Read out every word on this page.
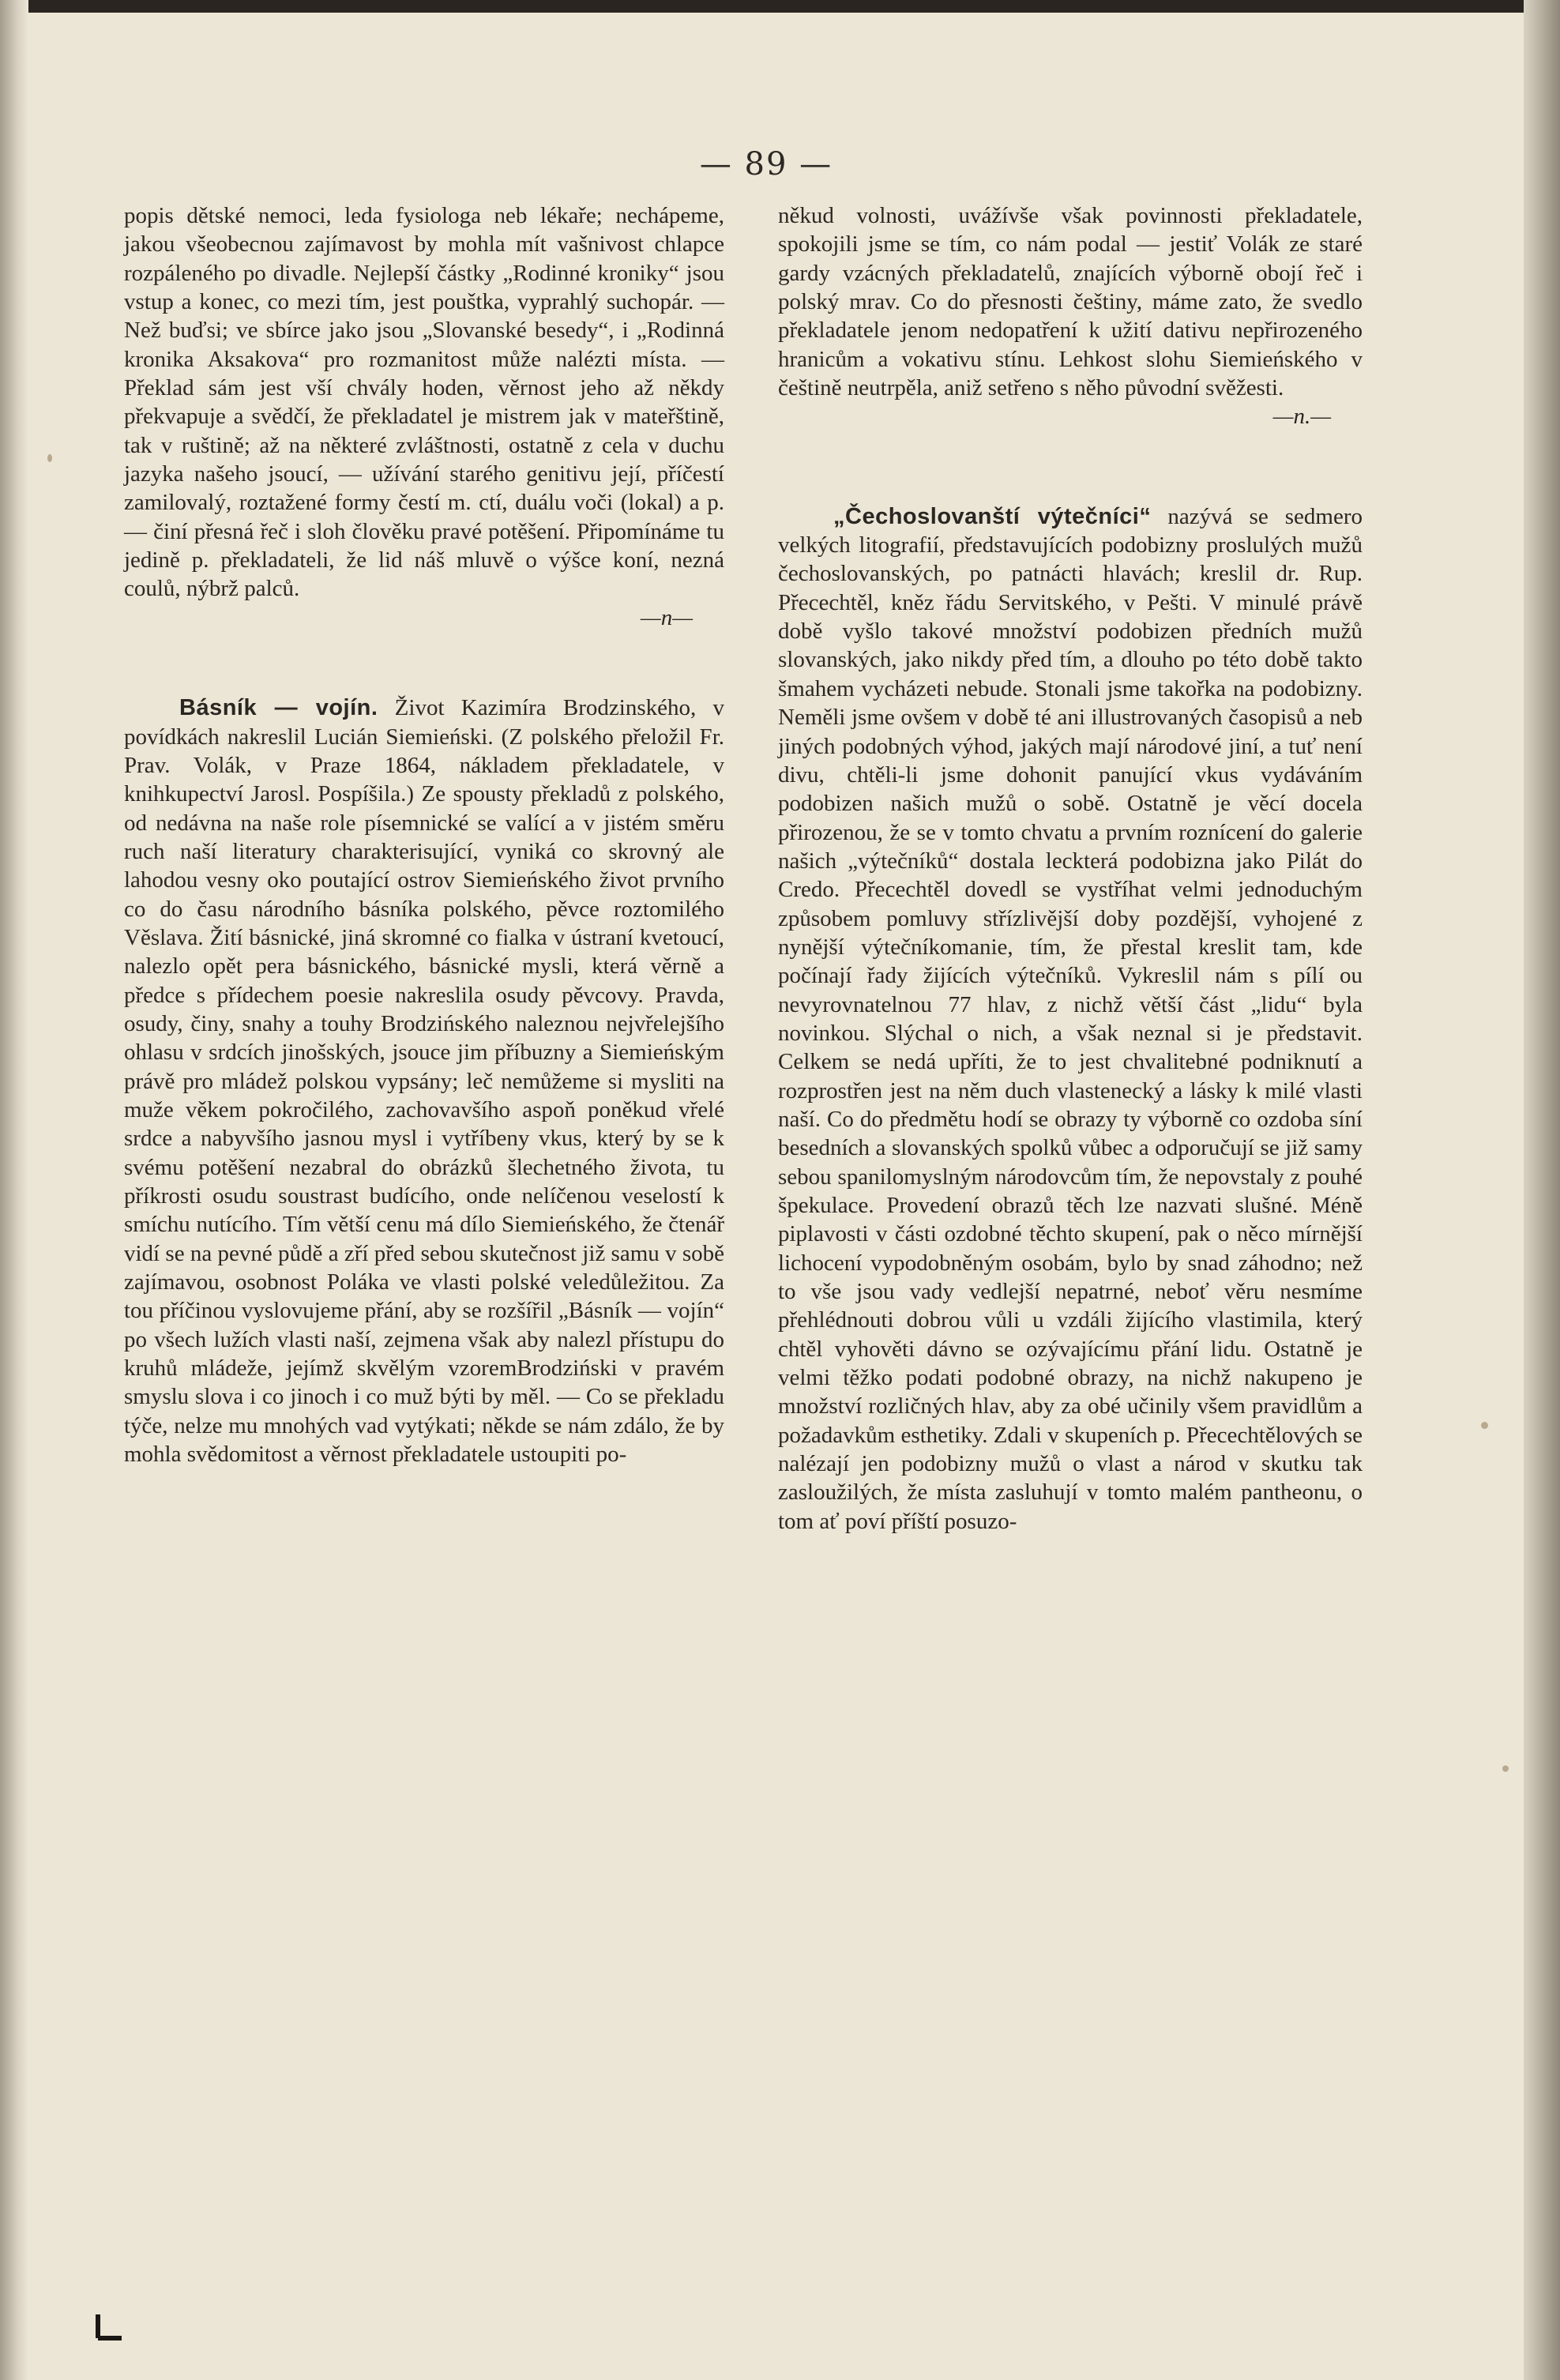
— 89 —

popis dětské nemoci, leda fysiologa neb lékaře; nechápeme, jakou všeobecnou zajímavost by mohla mít vašnivost chlapce rozpáleného po divadle. Nejlepší částky „Rodinné kroniky“ jsou vstup a konec, co mezi tím, jest pouštka, vyprahlý suchopár. — Než buďsi; ve sbírce jako jsou „Slovanské besedy“, i „Rodinná kronika Aksakova“ pro rozmanitost může nalézti místa. — Překlad sám jest vší chvály hoden, věrnost jeho až někdy překvapuje a svědčí, že překladatel je mistrem jak v mateřštině, tak v ruštině; až na některé zvláštnosti, ostatně z cela v duchu jazyka našeho jsoucí, — užívání starého genitivu její, příčestí zamilovalý, roztažené formy čestí m. ctí, duálu voči (lokal) a p. — činí přesná řeč i sloh člověku pravé potěšení. Připomínáme tu jedině p. překladateli, že lid náš mluvě o výšce koní, nezná coulů, nýbrž palců.

—n—

Básník — vojín. Život Kazimíra Brodzinského, v povídkách nakreslil Lucián Siemieński. (Z polského přeložil Fr. Prav. Volák, v Praze 1864, nákladem překladatele, v knihkupectví Jarosl. Pospíšila.) Ze spousty překladů z polského, od nedávna na naše role písemnické se valící a v jistém směru ruch naší literatury charakterisující, vyniká co skrovný ale lahodou vesny oko poutající ostrov Siemieńského život prvního co do času národního básníka polského, pěvce roztomilého Věslava. Žití básnické, jiná skromné co fialka v ústraní kvetoucí, nalezlo opět pera básnického, básnické mysli, která věrně a předce s přídechem poesie nakreslila osudy pěvcovy. Pravda, osudy, činy, snahy a touhy Brodzińského naleznou nejvřelejšího ohlasu v srdcích jinošských, jsouce jim příbuzny a Siemieńským právě pro mládež polskou vypsány; leč nemůžeme si mysliti na muže věkem pokročilého, zachovavšího aspoň poněkud vřelé srdce a nabyvšího jasnou mysl i vytříbeny vkus, který by se k svému potěšení nezabral do obrázků šlechetného života, tu příkrosti osudu soustrast budícího, onde nelíčenou veselostí k smíchu nutícího. Tím větší cenu má dílo Siemieńského, že čtenář vidí se na pevné půdě a zří před sebou skutečnost již samu v sobě zajímavou, osobnost Poláka ve vlasti polské veledůležitou. Za tou příčinou vyslovujeme přání, aby se rozšířil „Básník — vojín“ po všech lužích vlasti naší, zejmena však aby nalezl přístupu do kruhů mládeže, jejímž skvělým vzoremBrodziński v pravém smyslu slova i co jinoch i co muž býti by měl. — Co se překladu týče, nelze mu mnohých vad vytýkati; někde se nám zdálo, že by mohla svědomitost a věrnost překladatele ustoupiti po-

někud volnosti, uvážívše však povinnosti překladatele, spokojili jsme se tím, co nám podal — jestiť Volák ze staré gardy vzácných překladatelů, znajících výborně obojí řeč i polský mrav. Co do přesnosti češtiny, máme zato, že svedlo překladatele jenom nedopatření k užití dativu nepřirozeného hranicům a vokativu stínu. Lehkost slohu Siemieńského v češtině neutrpěla, aniž setřeno s něho původní svěžesti.

—n.—

„Čechoslovanští výtečníci“ nazývá se sedmero velkých litografií, představujících podobizny proslulých mužů čechoslovanských, po patnácti hlavách; kreslil dr. Rup. Přecechtěl, kněz řádu Servitského, v Pešti. V minulé právě době vyšlo takové množství podobizen předních mužů slovanských, jako nikdy před tím, a dlouho po této době takto šmahem vycházeti nebude. Stonali jsme takořka na podobizny. Neměli jsme ovšem v době té ani illustrovaných časopisů a neb jiných podobných výhod, jakých mají národové jiní, a tuť není divu, chtěli-li jsme dohonit panující vkus vydáváním podobizen našich mužů o sobě. Ostatně je věcí docela přirozenou, že se v tomto chvatu a prvním roznícení do galerie našich „výtečníků“ dostala leckterá podobizna jako Pilát do Credo. Přecechtěl dovedl se vystříhat velmi jednoduchým způsobem pomluvy střízlivější doby pozdější, vyhojené z nynější výtečníkomanie, tím, že přestal kreslit tam, kde počínají řady žijících výtečníků. Vykreslil nám s pílí ou nevyrovnatelnou 77 hlav, z nichž větší část „lidu“ byla novinkou. Slýchal o nich, a však neznal si je představit. Celkem se nedá upříti, že to jest chvalitebné podniknutí a rozprostřen jest na něm duch vlastenecký a lásky k milé vlasti naší. Co do předmětu hodí se obrazy ty výborně co ozdoba síní besedních a slovanských spolků vůbec a odporučují se již samy sebou spanilomyslným národovcům tím, že nepovstaly z pouhé špekulace. Provedení obrazů těch lze nazvati slušné. Méně piplavosti v části ozdobné těchto skupení, pak o něco mírnější lichocení vypodobněným osobám, bylo by snad záhodno; než to vše jsou vady vedlejší nepatrné, neboť věru nesmíme přehlédnouti dobrou vůli u vzdáli žijícího vlastimila, který chtěl vyhověti dávno se ozývajícímu přání lidu. Ostatně je velmi těžko podati podobné obrazy, na nichž nakupeno je množství rozličných hlav, aby za obé učinily všem pravidlům a požadavkům esthetiky. Zdali v skupeních p. Přecechtělových se nalézají jen podobizny mužů o vlast a národ v skutku tak zasloužilých, že místa zasluhují v tomto malém pantheonu, o tom ať poví příští posuzo-
